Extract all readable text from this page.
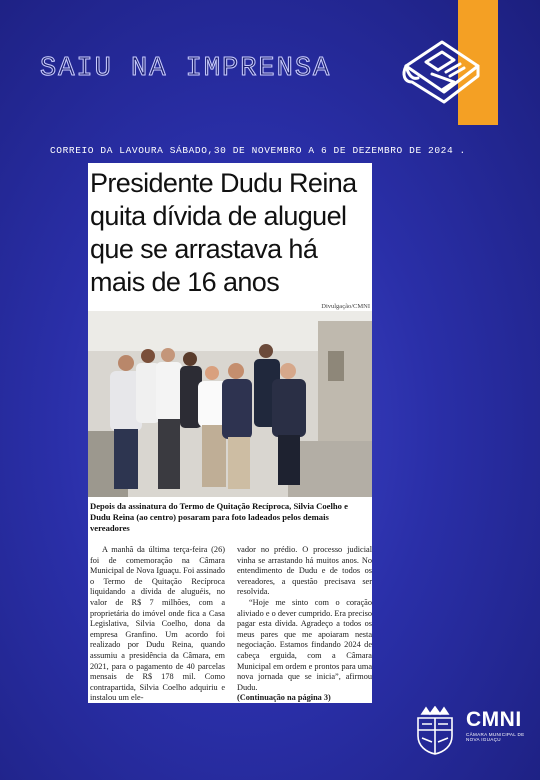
SAIU NA IMPRENSA
CORREIO DA LAVOURA SÁBADO,30 DE NOVEMBRO A 6 DE DEZEMBRO DE 2024 .
Presidente Dudu Reina quita dívida de aluguel que se arrastava há mais de 16 anos
Divulgação/CMNI

Depois da assinatura do Termo de Quitação Recíproca, Silvia Coelho e Dudu Reina (ao centro) posaram para foto ladeados pelos demais vereadores

A manhã da última terça-feira (26) foi de comemoração na Câmara Municipal de Nova Iguaçu. Foi assinado o Termo de Quitação Recíproca liquidando a dívida de aluguéis, no valor de R$ 7 milhões, com a proprietária do imóvel onde fica a Casa Legislativa, Silvia Coelho, dona da empresa Granfino. Um acordo foi realizado por Dudu Reina, quando assumiu a presidência da Câmara, em 2021, para o pagamento de 40 parcelas mensais de R$ 178 mil. Como contrapartida, Silvia Coelho adquiriu e instalou um ele-

vador no prédio. O processo judicial vinha se arrastando há muitos anos. No entendimento de Dudu e de todos os vereadores, a questão precisava ser resolvida.

“Hoje me sinto com o coração aliviado e o dever cumprido. Era preciso pagar esta dívida. Agradeço a todos os meus pares que me apoiaram nesta negociação. Estamos findando 2024 de cabeça erguida, com a Câmara Municipal em ordem e prontos para uma nova jornada que se inicia”, afirmou Dudu.

(Continuação na página 3)

CMNI
CÂMARA MUNICIPAL DE NOVA IGUAÇU
